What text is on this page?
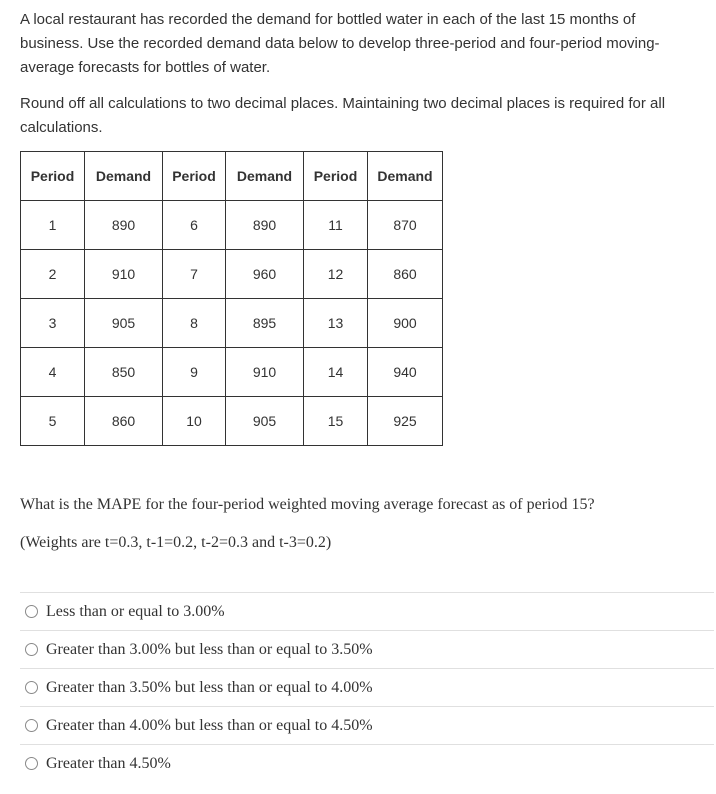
A local restaurant has recorded the demand for bottled water in each of the last 15 months of business. Use the recorded demand data below to develop three-period and four-period moving-average forecasts for bottles of water.

Round off all calculations to two decimal places. Maintaining two decimal places is required for all calculations.

Period	Demand	Period	Demand	Period	Demand
1	890	6	890	11	870
2	910	7	960	12	860
3	905	8	895	13	900
4	850	9	910	14	940
5	860	10	905	15	925

What is the MAPE for the four-period weighted moving average forecast as of period 15?

(Weights are t=0.3, t-1=0.2, t-2=0.3 and t-3=0.2)

Less than or equal to 3.00%
Greater than 3.00% but less than or equal to 3.50%
Greater than 3.50% but less than or equal to 4.00%
Greater than 4.00% but less than or equal to 4.50%
Greater than 4.50%
